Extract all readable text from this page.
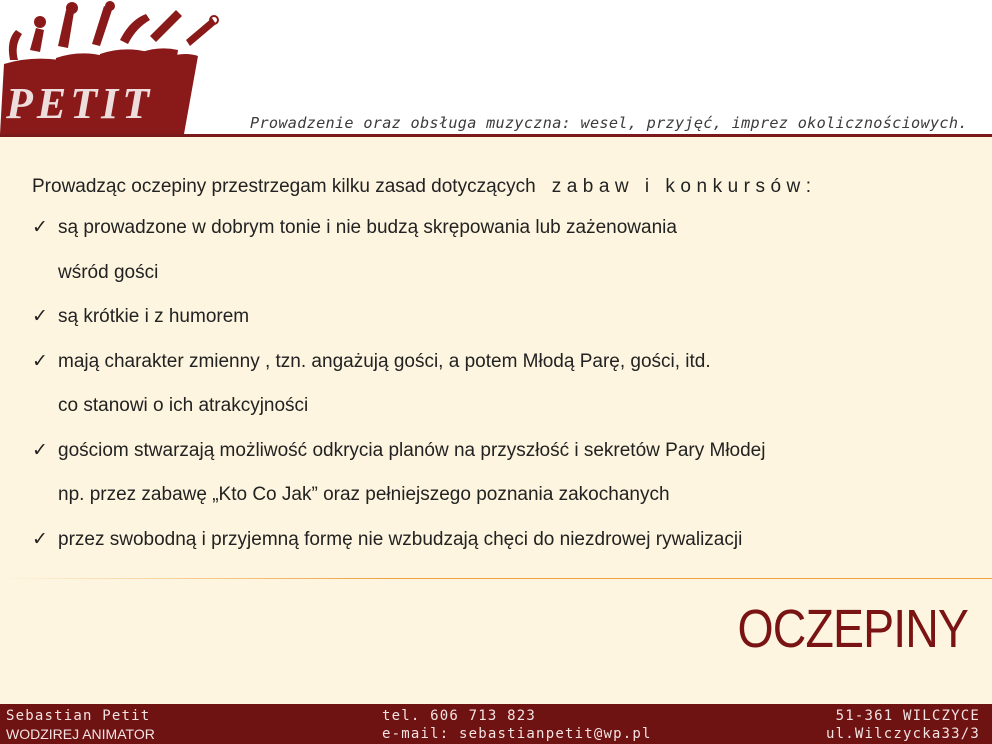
PETIT	Prowadzenie oraz obsługa muzyczna: wesel, przyjęć, imprez okolicznościowych.
Prowadząc oczepiny przestrzegam kilku zasad dotyczących zabaw i konkursów:
✓ są prowadzone w dobrym tonie i nie budzą skrępowania lub zażenowania
wśród gości
✓ są krótkie i z humorem
✓ mają charakter zmienny , tzn. angażują gości, a potem Młodą Parę, gości, itd.
co stanowi o ich atrakcyjności
✓ gościom stwarzają możliwość odkrycia planów na przyszłość i sekretów Pary Młodej
np. przez zabawę „Kto Co Jak” oraz pełniejszego poznania zakochanych
✓ przez swobodną i przyjemną formę nie wzbudzają chęci do niezdrowej rywalizacji
OCZEPINY
Sebastian Petit
WODZIREJ ANIMATOR
tel. 606 713 823
e-mail: sebastianpetit@wp.pl
51-361 WILCZYCE
ul.Wilczycka33/3
